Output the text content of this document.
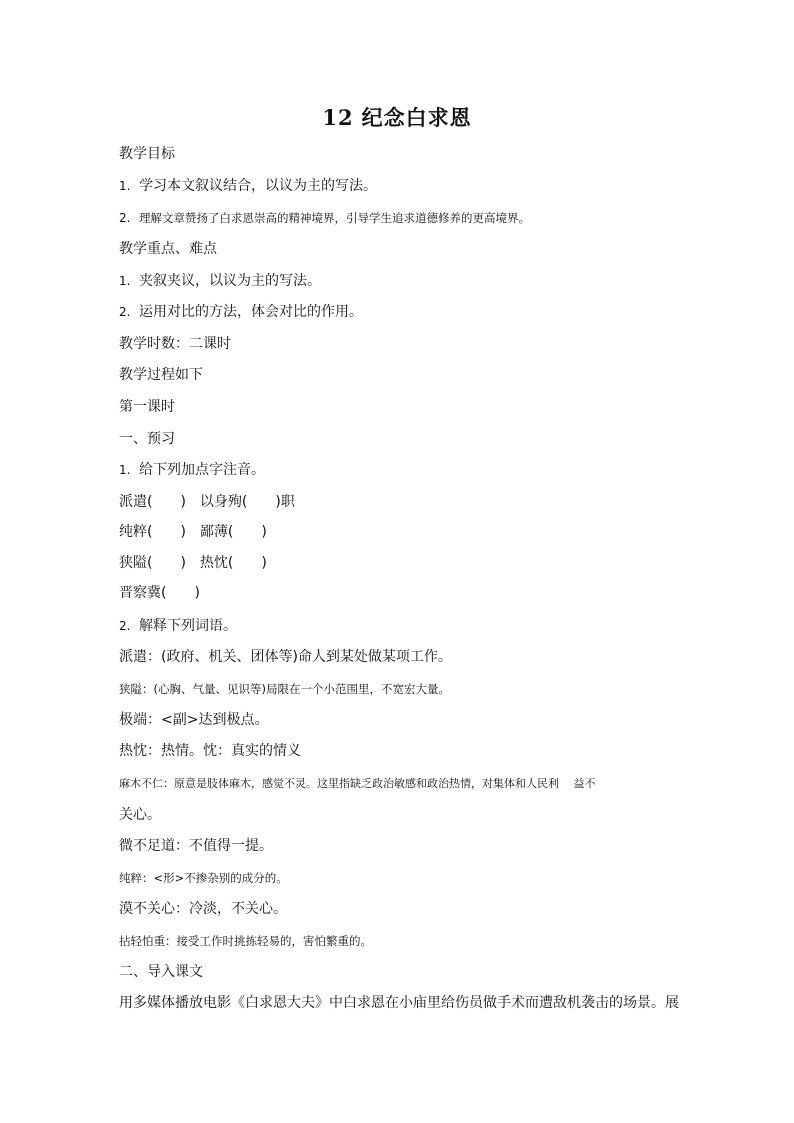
12 纪念白求恩

教学目标

1. 学习本文叙议结合，以议为主的写法。

2. 理解文章赞扬了白求恩崇高的精神境界，引导学生追求道德修养的更高境界。

教学重点、难点

1. 夹叙夹议，以议为主的写法。

2. 运用对比的方法，体会对比的作用。

教学时数：二课时

教学过程如下

第一课时

一、预习

1. 给下列加点字注音。

派遣(　　)　以身殉(　　)职

纯粹(　　)　鄙薄(　　)

狭隘(　　)　热忱(　　)

晋察冀(　　)

2. 解释下列词语。

派遣：(政府、机关、团体等)命人到某处做某项工作。

狭隘：(心胸、气量、见识等)局限在一个小范围里，不宽宏大量。

极端：<副>达到极点。

热忱：热情。忱：真实的情义

麻木不仁：原意是肢体麻木，感觉不灵。这里指缺乏政治敏感和政治热情，对集体和人民利　 益不

关心。

微不足道：不值得一提。

纯粹：<形>不掺杂别的成分的。

漠不关心：冷淡，不关心。

拈轻怕重：接受工作时挑拣轻易的，害怕繁重的。

二、导入课文

用多媒体播放电影《白求恩大夫》中白求恩在小庙里给伤员做手术而遭敌机袭击的场景。展
